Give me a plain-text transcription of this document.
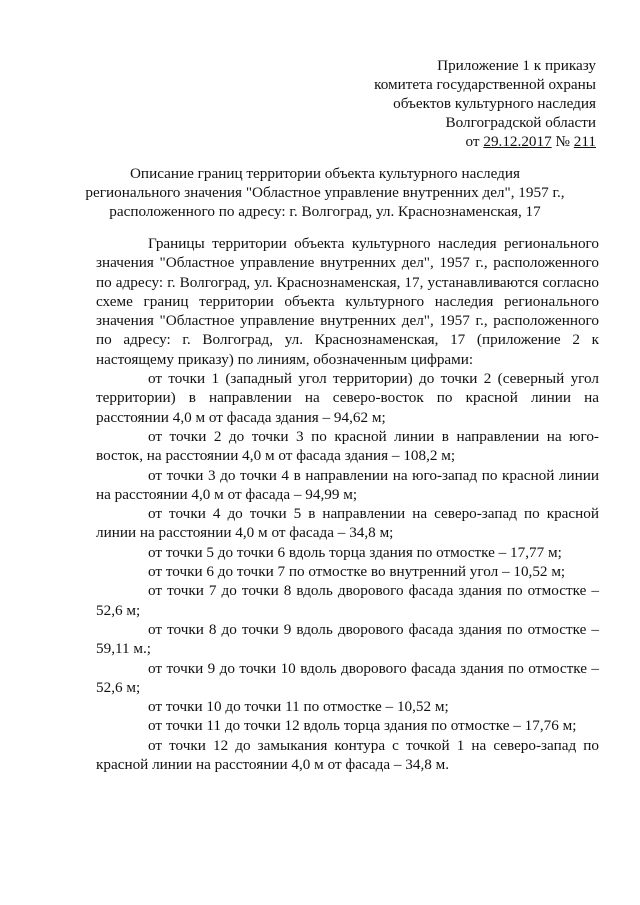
Приложение 1 к приказу
комитета государственной охраны
объектов культурного наследия
Волгоградской области
от 29.12.2017 № 211
Описание границ территории объекта культурного наследия
регионального значения "Областное управление внутренних дел", 1957 г.,
расположенного по адресу: г. Волгоград, ул. Краснознаменская, 17

Границы территории объекта культурного наследия регионального значения "Областное управление внутренних дел", 1957 г., расположенного по адресу: г. Волгоград, ул. Краснознаменская, 17, устанавливаются согласно схеме границ территории объекта культурного наследия регионального значения "Областное управление внутренних дел", 1957 г., расположенного по адресу: г. Волгоград, ул. Краснознаменская, 17 (приложение 2 к настоящему приказу) по линиям, обозначенным цифрами:

от точки 1 (западный угол территории) до точки 2 (северный угол территории) в направлении на северо-восток по красной линии на расстоянии 4,0 м от фасада здания – 94,62 м;

от точки 2 до точки 3 по красной линии в направлении на юго-восток, на расстоянии 4,0 м от фасада здания – 108,2 м;

от точки 3 до точки 4 в направлении на юго-запад по красной линии на расстоянии 4,0 м от фасада – 94,99 м;

от точки 4 до точки 5 в направлении на северо-запад по красной линии на расстоянии 4,0 м от фасада – 34,8 м;

от точки 5 до точки 6 вдоль торца здания по отмостке – 17,77 м;

от точки 6 до точки 7 по отмостке во внутренний угол – 10,52 м;

от точки 7 до точки 8 вдоль дворового фасада здания по отмостке – 52,6 м;

от точки 8 до точки 9 вдоль дворового фасада здания по отмостке – 59,11 м.;

от точки 9 до точки 10 вдоль дворового фасада здания по отмостке – 52,6 м;

от точки 10 до точки 11 по отмостке – 10,52 м;

от точки 11 до точки 12 вдоль торца здания по отмостке – 17,76 м;

от точки 12 до замыкания контура с точкой 1 на северо-запад по красной линии на расстоянии 4,0 м от фасада – 34,8 м.
